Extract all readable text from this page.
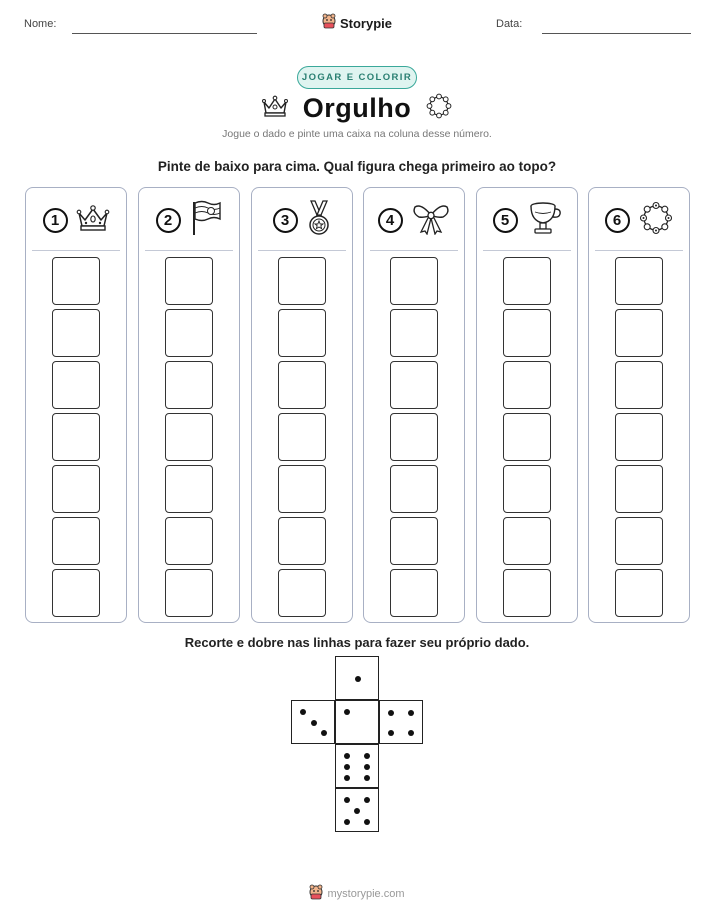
Nome:	Storypie	Data:
JOGAR E COLORIR
Orgulho
Jogue o dado e pinte uma caixa na coluna desse número.
Pinte de baixo para cima. Qual figura chega primeiro ao topo?
1	2	3	4	5	6
Recorte e dobre nas linhas para fazer seu próprio dado.
mystorypie.com
